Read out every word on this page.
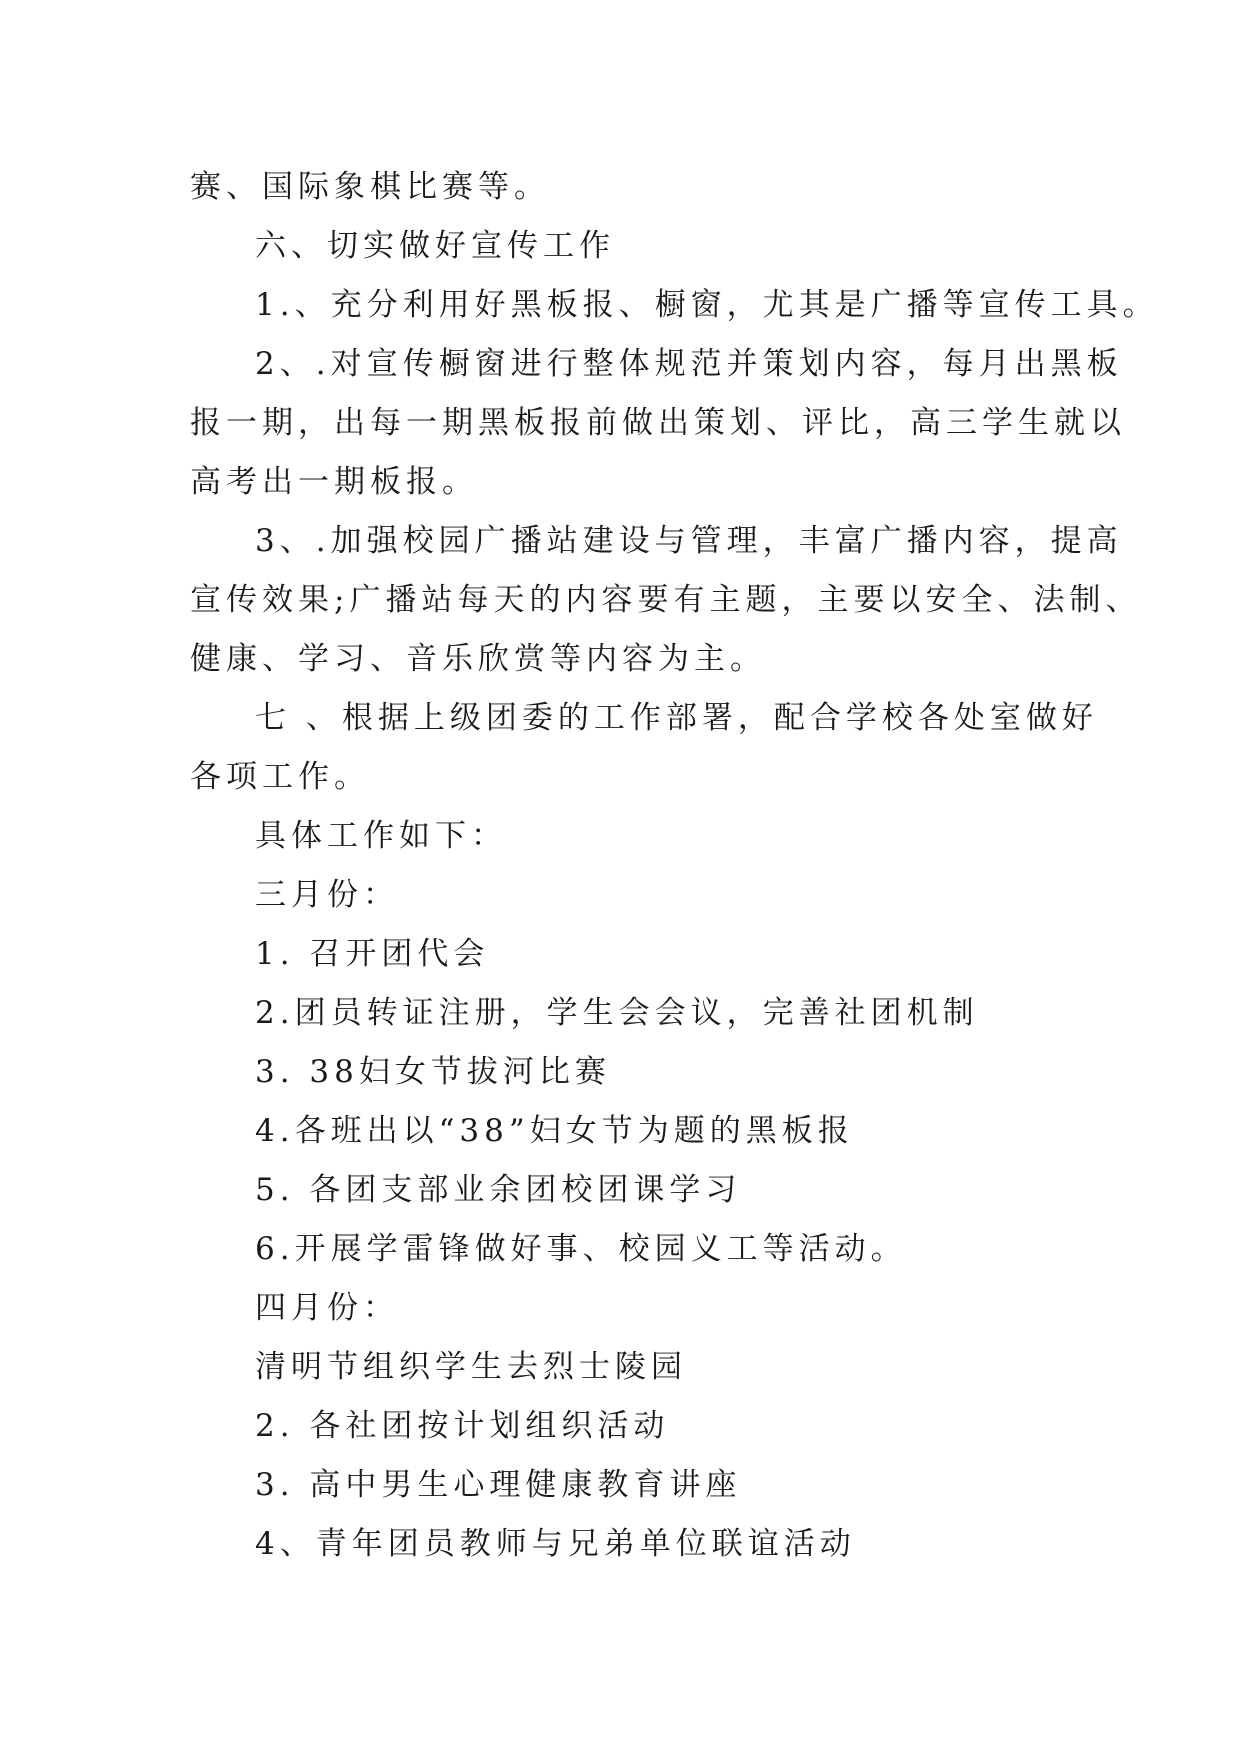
赛、国际象棋比赛等。

六、切实做好宣传工作

1.、充分利用好黑板报、橱窗，尤其是广播等宣传工具。

2、.对宣传橱窗进行整体规范并策划内容，每月出黑板

报一期，出每一期黑板报前做出策划、评比，高三学生就以

高考出一期板报。

3、.加强校园广播站建设与管理，丰富广播内容，提高

宣传效果;广播站每天的内容要有主题，主要以安全、法制、

健康、学习、音乐欣赏等内容为主。

七 、根据上级团委的工作部署，配合学校各处室做好

各项工作。

具体工作如下：

三月份：

1. 召开团代会

2.团员转证注册，学生会会议，完善社团机制

3. 38妇女节拔河比赛

4.各班出以“38”妇女节为题的黑板报

5. 各团支部业余团校团课学习

6.开展学雷锋做好事、校园义工等活动。

四月份：

清明节组织学生去烈士陵园

2. 各社团按计划组织活动

3. 高中男生心理健康教育讲座

4、青年团员教师与兄弟单位联谊活动
